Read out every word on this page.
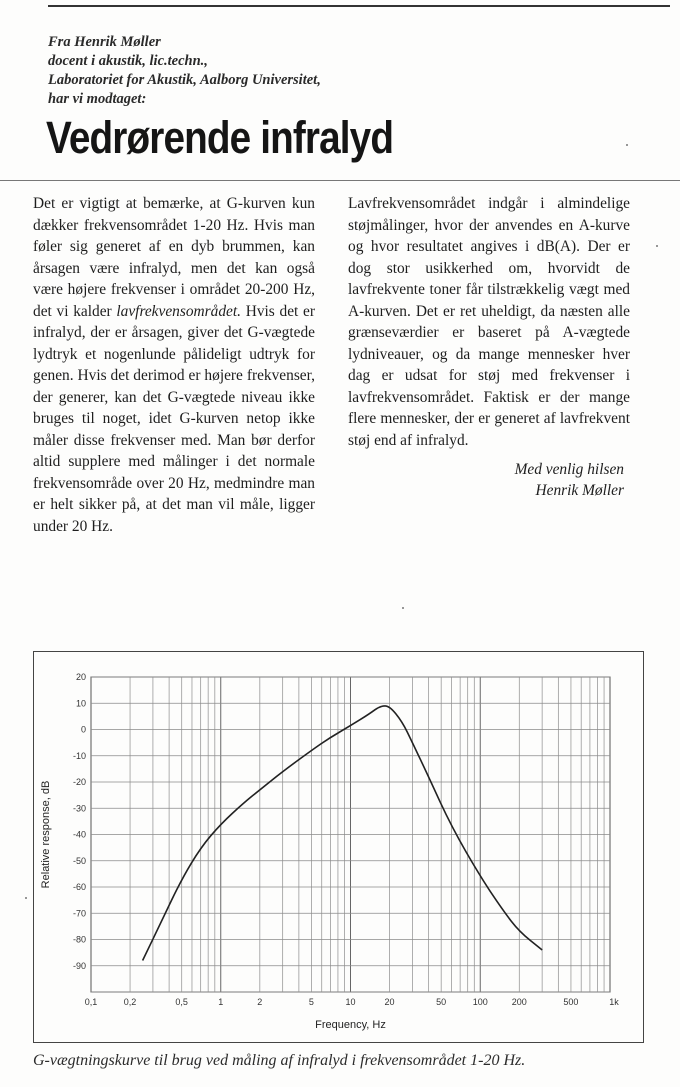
Fra Henrik Møller
docent i akustik, lic.techn.,
Laboratoriet for Akustik, Aalborg Universitet,
har vi modtaget:
Vedrørende infralyd

Det er vigtigt at bemærke, at G-kurven kun dækker frekvensområdet 1-20 Hz. Hvis man føler sig generet af en dyb brummen, kan årsagen være infralyd, men det kan også være højere frekvenser i området 20-200 Hz, det vi kalder lavfrekvensområdet. Hvis det er infralyd, der er årsagen, giver det G-vægtede lydtryk et nogenlunde pålideligt udtryk for genen. Hvis det derimod er højere frekvenser, der generer, kan det G-vægtede niveau ikke bruges til noget, idet G-kurven netop ikke måler disse frekvenser med. Man bør derfor altid supplere med målinger i det normale frekvensområde over 20 Hz, medmindre man er helt sikker på, at det man vil måle, ligger under 20 Hz.

Lavfrekvensområdet indgår i almindelige støjmålinger, hvor der anvendes en A-kurve og hvor resultatet angives i dB(A). Der er dog stor usikkerhed om, hvorvidt de lavfrekvente toner får tilstrækkelig vægt med A-kurven. Det er ret uheldigt, da næsten alle grænseværdier er baseret på A-vægtede lydniveauer, og da mange mennesker hver dag er udsat for støj med frekvenser i lavfrekvensområdet. Faktisk er der mange flere mennesker, der er generet af lavfrekvent støj end af infralyd.

Med venlig hilsen
Henrik Møller
20
10
0
-10
-20
-30
-40
-50
-60
-70
-80
-90
0,1	0,2	0,5	1	2	5	10	20	50	100	200	500	1k
Frequency, Hz
Relative response, dB
G-vægtningskurve til brug ved måling af infralyd i frekvensområdet 1-20 Hz.
